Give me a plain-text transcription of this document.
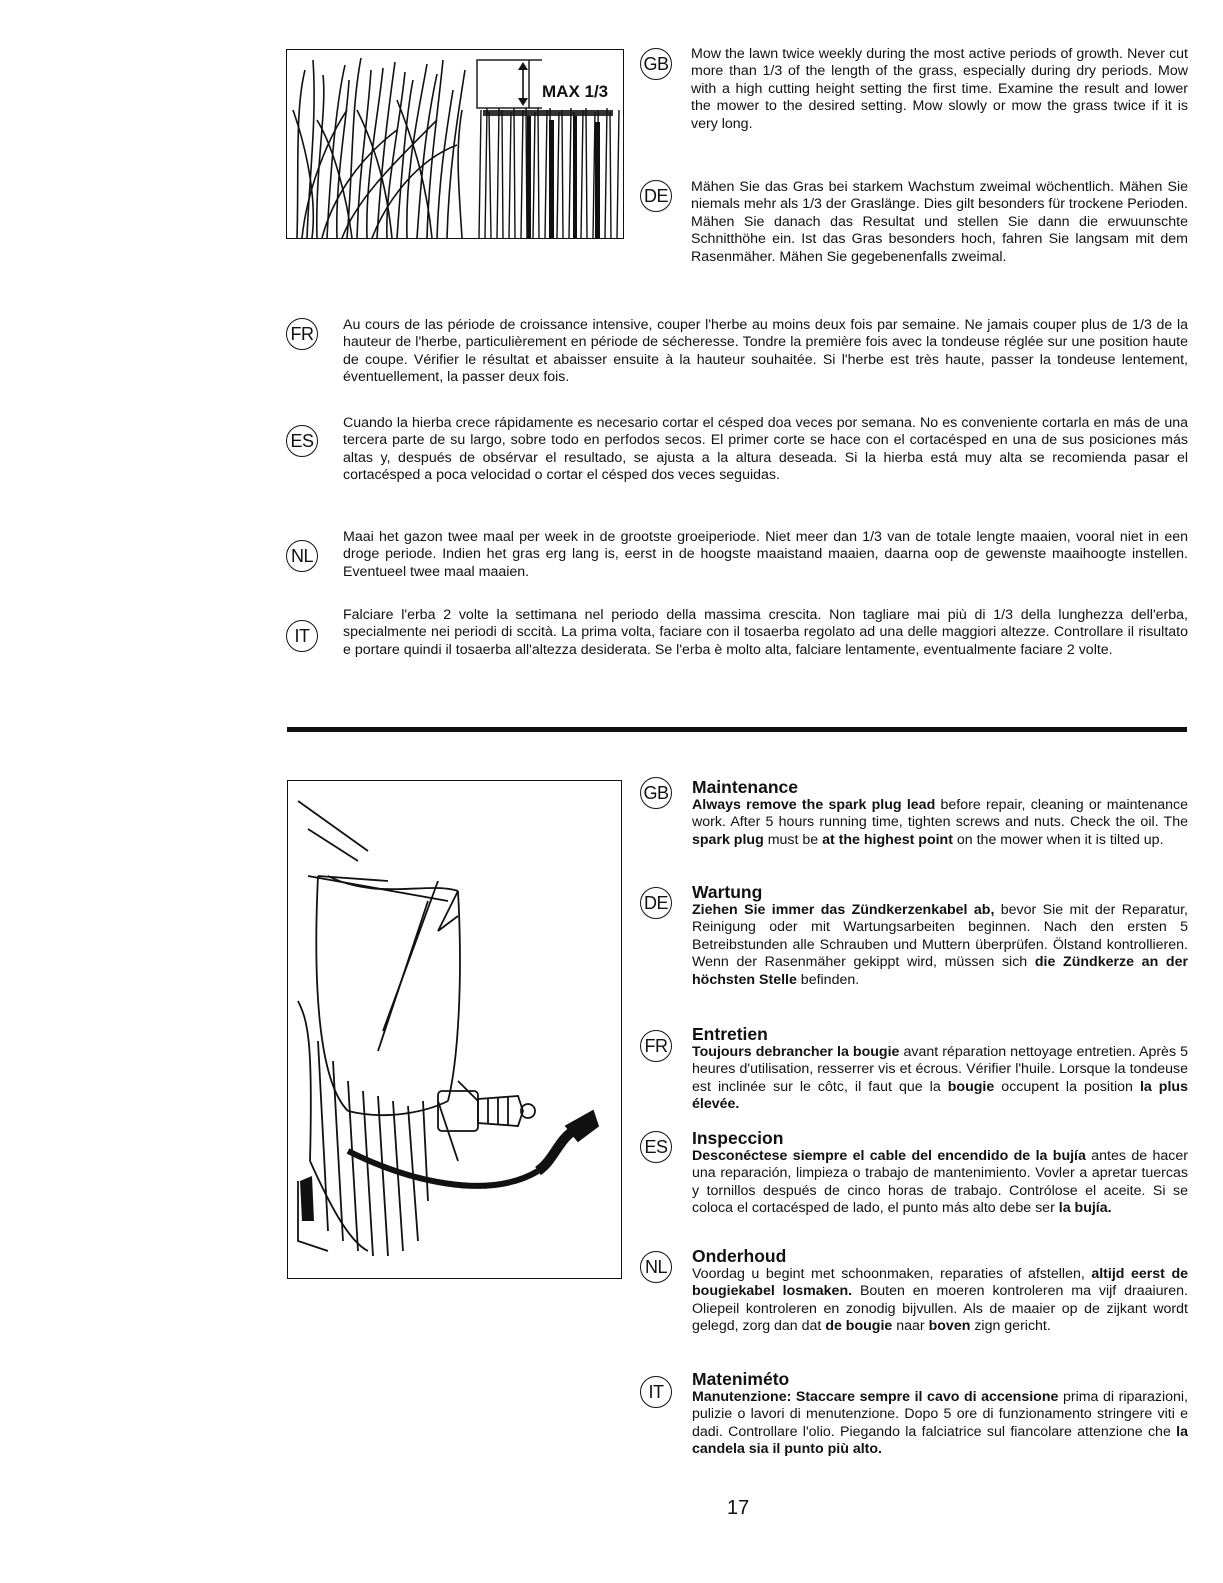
MAX 1/3
GB Mow the lawn twice weekly during the most active periods of growth. Never cut more than 1/3 of the length of the grass, especially during dry periods. Mow with a high cutting height setting the first time. Examine the result and lower the mower to the desired setting. Mow slowly or mow the grass twice if it is very long.
DE Mähen Sie das Gras bei starkem Wachstum zweimal wöchentlich. Mähen Sie niemals mehr als 1/3 der Graslänge. Dies gilt besonders für trockene Perioden. Mähen Sie danach das Resultat und stellen Sie dann die erwuunschte Schnitthöhe ein. Ist das Gras besonders hoch, fahren Sie langsam mit dem Rasenmäher. Mähen Sie gegebenenfalls zweimal.
FR	Au cours de las période de croissance intensive, couper l'herbe au moins deux fois par semaine. Ne jamais couper plus de 1/3 de la hauteur de l'herbe, particulièrement en période de sécheresse. Tondre la première fois avec la tondeuse réglée sur une position haute de coupe. Vérifier le résultat et abaisser ensuite à la hauteur souhaitée. Si l'herbe est très haute, passer la tondeuse lentement, éventuellement, la passer deux fois.
ES
Cuando la hierba crece rápidamente es necesario cortar el césped doa veces por semana. No es conveniente cortarla en más de una tercera parte de su largo, sobre todo en perfodos secos. El primer corte se hace con el cortacésped en una de sus posiciones más altas y, después de obsérvar el resultado, se ajusta a la altura deseada. Si la hierba está muy alta se recomienda pasar el cortacésped a poca velocidad o cortar el césped dos veces seguidas.
NL
Maai het gazon twee maal per week in de grootste groeiperiode. Niet meer dan 1/3 van de totale lengte maaien, vooral niet in een droge periode. Indien het gras erg lang is, eerst in de hoogste maaistand maaien, daarna oop de gewenste maaihoogte instellen. Eventueel twee maal maaien.
IT
Falciare l'erba 2 volte la settimana nel periodo della massima crescita. Non tagliare mai più di 1/3 della lunghezza dell'erba, specialmente nei periodi di sccità. La prima volta, faciare con il tosaerba regolato ad una delle maggiori altezze. Controllare il risultato e portare quindi il tosaerba all'altezza desiderata. Se l'erba è molto alta, falciare lentamente, eventualmente faciare 2 volte.
GB Maintenance
Always remove the spark plug lead before repair, cleaning or maintenance work. After 5 hours running time, tighten screws and nuts. Check the oil. The spark plug must be at the highest point on the mower when it is tilted up.
DE
Wartung
Ziehen Sie immer das Zündkerzenkabel ab, bevor Sie mit der Reparatur, Reinigung oder mit Wartungsarbeiten beginnen. Nach den ersten 5 Betreibstunden alle Schrauben und Muttern überprüfen. Ölstand kontrollieren. Wenn der Rasenmäher gekippt wird, müssen sich die Zündkerze an der höchsten Stelle befinden.
FR
Entretien
Toujours debrancher la bougie avant réparation nettoyage entretien. Après 5 heures d'utilisation, resserrer vis et écrous. Vérifier l'huile. Lorsque la tondeuse est inclinée sur le côtc, il faut que la bougie occupent la position la plus élevée.
ES Inspeccion
Desconéctese siempre el cable del encendido de la bujía antes de hacer una reparación, limpieza o trabajo de mantenimiento. Vovler a apretar tuercas y tornillos después de cinco horas de trabajo. Contrólose el aceite. Si se coloca el cortacésped de lado, el punto más alto debe ser la bujía.
NL
Onderhoud
Voordag u begint met schoonmaken, reparaties of afstellen, altijd eerst de bougiekabel losmaken. Bouten en moeren kontroleren ma vijf draaiuren. Oliepeil kontroleren en zonodig bijvullen. Als de maaier op de zijkant wordt gelegd, zorg dan dat de bougie naar boven zign gericht.
IT
Mateniméto
Manutenzione: Staccare sempre il cavo di accensione prima di riparazioni, pulizie o lavori di menutenzione. Dopo 5 ore di funzionamento stringere viti e dadi. Controllare l'olio. Piegando la falciatrice sul fiancolare attenzione che la candela sia il punto più alto.
17
